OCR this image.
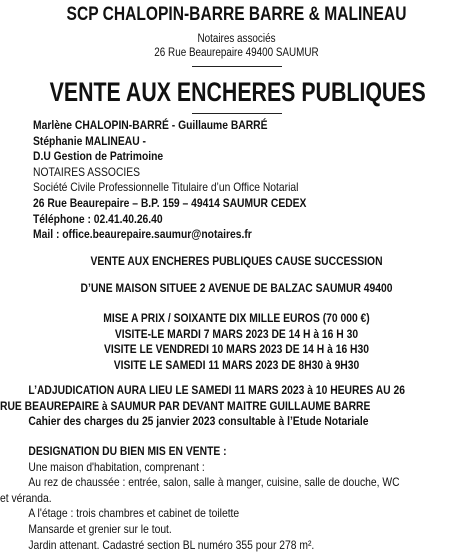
SCP CHALOPIN-BARRE BARRE & MALINEAU
Notaires associés
26 Rue Beaurepaire 49400 SAUMUR
VENTE AUX ENCHERES PUBLIQUES
Marlène CHALOPIN-BARRÉ - Guillaume BARRÉ
Stéphanie MALINEAU -
D.U Gestion de Patrimoine
NOTAIRES ASSOCIES
Société Civile Professionnelle Titulaire d’un Office Notarial
26 Rue Beaurepaire – B.P. 159 – 49414 SAUMUR CEDEX
Téléphone : 02.41.40.26.40
Mail : office.beaurepaire.saumur@notaires.fr
VENTE AUX ENCHERES PUBLIQUES CAUSE SUCCESSION
D’UNE MAISON SITUEE 2 AVENUE DE BALZAC SAUMUR 49400
MISE A PRIX / SOIXANTE DIX MILLE EUROS (70 000 €)
VISITE-LE MARDI 7 MARS 2023 DE 14 H à 16 H 30
VISITE LE VENDREDI 10 MARS 2023 DE 14 H à 16 H30
VISITE LE SAMEDI 11 MARS 2023 DE 8H30 à 9H30
L’ADJUDICATION AURA LIEU LE SAMEDI 11 MARS 2023 à 10 HEURES AU 26
RUE BEAUREPAIRE à SAUMUR PAR DEVANT MAITRE GUILLAUME BARRE
Cahier des charges du 25 janvier 2023 consultable à l’Etude Notariale
DESIGNATION DU BIEN MIS EN VENTE :
Une maison d'habitation, comprenant :
Au rez de chaussée : entrée, salon, salle à manger, cuisine, salle de douche, WC
et véranda.
A l'étage : trois chambres et cabinet de toilette
Mansarde et grenier sur le tout.
Jardin attenant. Cadastré section BL numéro 355 pour 278 m².
